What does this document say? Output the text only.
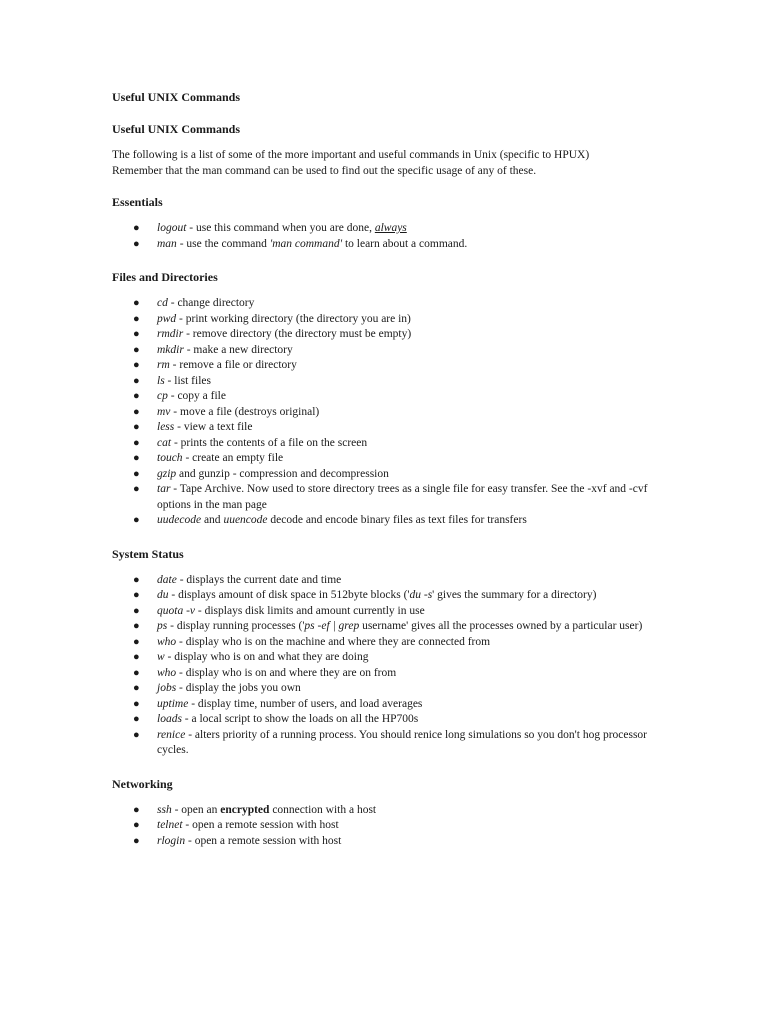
Useful UNIX Commands
Useful UNIX Commands

The following is a list of some of the more important and useful commands in Unix (specific to HPUX)

Remember that the man command can be used to find out the specific usage of any of these.

Essentials
● logout - use this command when you are done, always
● man - use the command 'man command' to learn about a command.
Files and Directories
● cd - change directory
● pwd - print working directory (the directory you are in)
● rmdir - remove directory (the directory must be empty)
● mkdir - make a new directory
● rm - remove a file or directory
● ls - list files
● cp - copy a file
● mv - move a file (destroys original)
● less - view a text file
● cat - prints the contents of a file on the screen
● touch - create an empty file
● gzip and gunzip - compression and decompression
● tar - Tape Archive. Now used to store directory trees as a single file for easy transfer. See the -xvf and -cvf options in the man page
● uudecode and uuencode decode and encode binary files as text files for transfers
System Status
● date - displays the current date and time
● du - displays amount of disk space in 512byte blocks ('du -s' gives the summary for a directory)
● quota -v - displays disk limits and amount currently in use
● ps - display running processes ('ps -ef | grep username' gives all the processes owned by a particular user)
● who - display who is on the machine and where they are connected from
● w - display who is on and what they are doing
● who - display who is on and where they are on from
● jobs - display the jobs you own
● uptime - display time, number of users, and load averages
● loads - a local script to show the loads on all the HP700s
● renice - alters priority of a running process. You should renice long simulations so you don't hog processor cycles.
Networking
● ssh - open an encrypted connection with a host
● telnet - open a remote session with host
● rlogin - open a remote session with host
